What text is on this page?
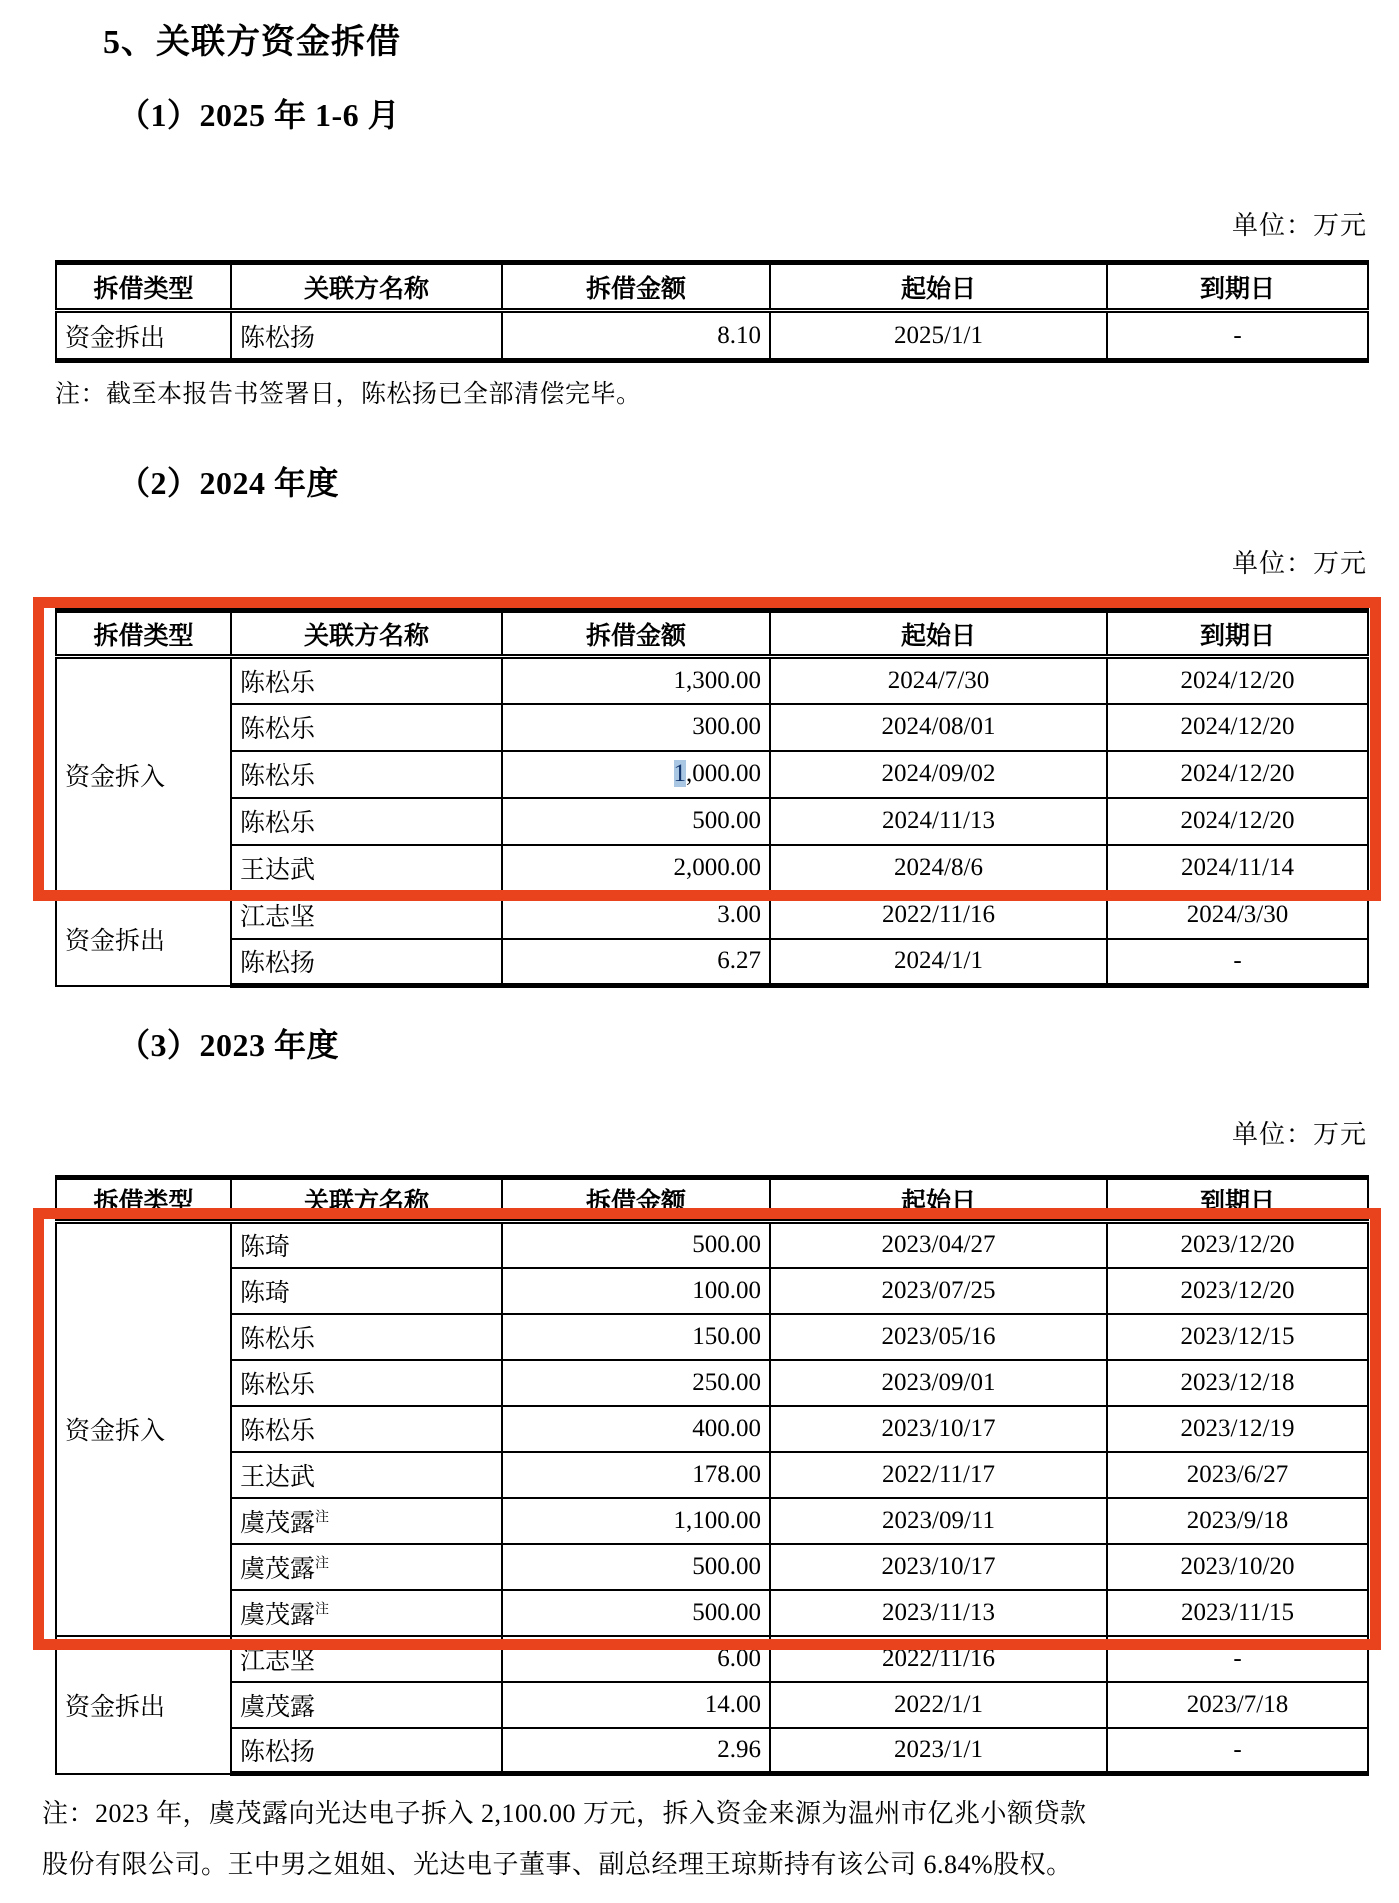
5、关联方资金拆借
（1）2025 年 1-6 月
单位：万元
拆借类型	关联方名称	拆借金额	起始日	到期日
资金拆出	陈松扬	8.10	2025/1/1	-
注：截至本报告书签署日，陈松扬已全部清偿完毕。
（2）2024 年度
单位：万元
拆借类型	关联方名称	拆借金额	起始日	到期日
资金拆入	陈松乐	1,300.00	2024/7/30	2024/12/20
	陈松乐	300.00	2024/08/01	2024/12/20
	陈松乐	1,000.00	2024/09/02	2024/12/20
	陈松乐	500.00	2024/11/13	2024/12/20
	王达武	2,000.00	2024/8/6	2024/11/14
资金拆出	江志坚	3.00	2022/11/16	2024/3/30
	陈松扬	6.27	2024/1/1	-
（3）2023 年度
单位：万元
拆借类型	关联方名称	拆借金额	起始日	到期日
资金拆入	陈琦	500.00	2023/04/27	2023/12/20
	陈琦	100.00	2023/07/25	2023/12/20
	陈松乐	150.00	2023/05/16	2023/12/15
	陈松乐	250.00	2023/09/01	2023/12/18
	陈松乐	400.00	2023/10/17	2023/12/19
	王达武	178.00	2022/11/17	2023/6/27
	虞茂露$^注$	1,100.00	2023/09/11	2023/9/18
	虞茂露$^注$	500.00	2023/10/17	2023/10/20
	虞茂露$^注$	500.00	2023/11/13	2023/11/15
资金拆出	江志坚	6.00	2022/11/16	-
	虞茂露	14.00	2022/1/1	2023/7/18
	陈松扬	2.96	2023/1/1	-
注：2023 年，虞茂露向光达电子拆入 2,100.00 万元，拆入资金来源为温州市亿兆小额贷款
股份有限公司。王中男之姐姐、光达电子董事、副总经理王琼斯持有该公司 6.84%股权。
